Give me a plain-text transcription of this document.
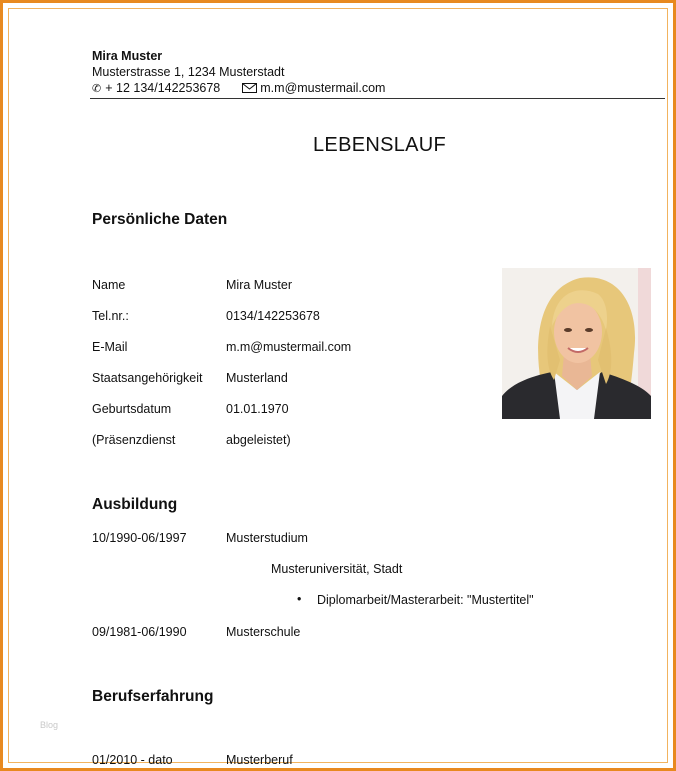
Mira Muster
Musterstrasse 1, 1234 Musterstadt
✆ + 12 134/142253678	m.m@mustermail.com
LEBENSLAUF
Persönliche Daten
Name	Mira Muster
Tel.nr.:	0134/142253678
E-Mail	m.m@mustermail.com
Staatsangehörigkeit Musterland
Geburtsdatum	01.01.1970
(Präsenzdienst	abgeleistet)
Ausbildung
10/1990-06/1997	Musterstudium
Musteruniversität, Stadt
• Diplomarbeit/Masterarbeit: "Mustertitel"
09/1981-06/1990	Musterschule
Berufserfahrung
01/2010 - dato	Musterberuf
Blog
